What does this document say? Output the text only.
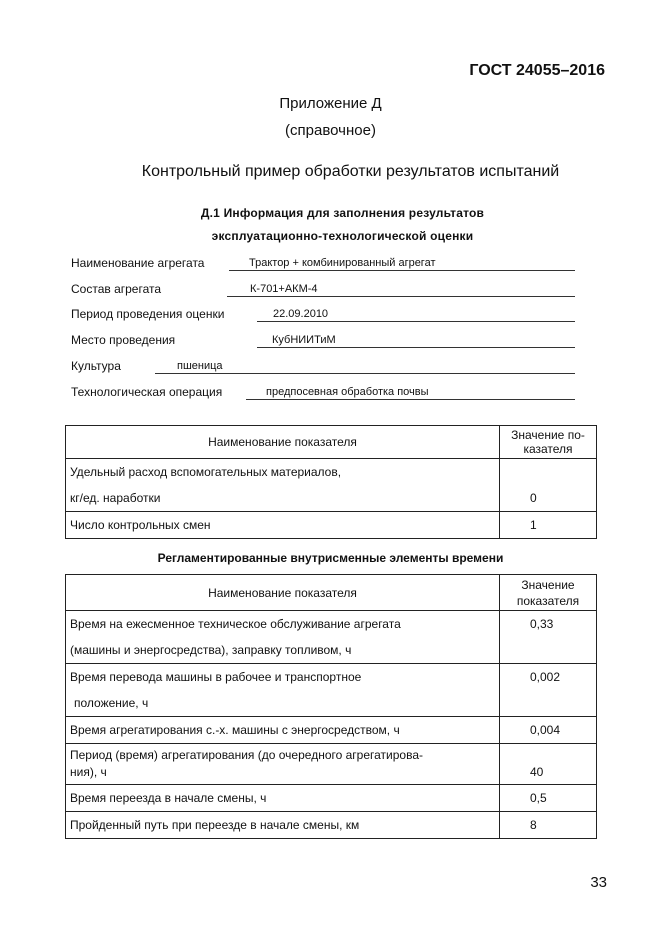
ГОСТ 24055–2016
Приложение Д
(справочное)
Контрольный пример обработки результатов испытаний
Д.1 Информация для заполнения результатов
эксплуатационно-технологической оценки
Наименование агрегата	Трактор + комбинированный агрегат
Состав агрегата	К-701+АКМ-4
Период проведения оценки	22.09.2010
Место проведения	КубНИИТиМ
Культура	пшеница
Технологическая операция	предпосевная обработка почвы
Наименование показателя	Значение по-
казателя
Удельный расход вспомогательных материалов,
кг/ед. наработки	0
Число контрольных смен	1
Регламентированные внутрисменные элементы времени
Наименование показателя	Значение
показателя
Время на ежесменное техническое обслуживание агрегата
(машины и энергосредства), заправку топливом, ч	0,33
Время перевода машины в рабочее и транспортное
положение, ч	0,002
Время агрегатирования с.-х. машины с энергосредством, ч	0,004
Период (время) агрегатирования (до очередного агрегатирова-
ния), ч	40
Время переезда в начале смены, ч	0,5
Пройденный путь при переезде в начале смены, км	8
33
